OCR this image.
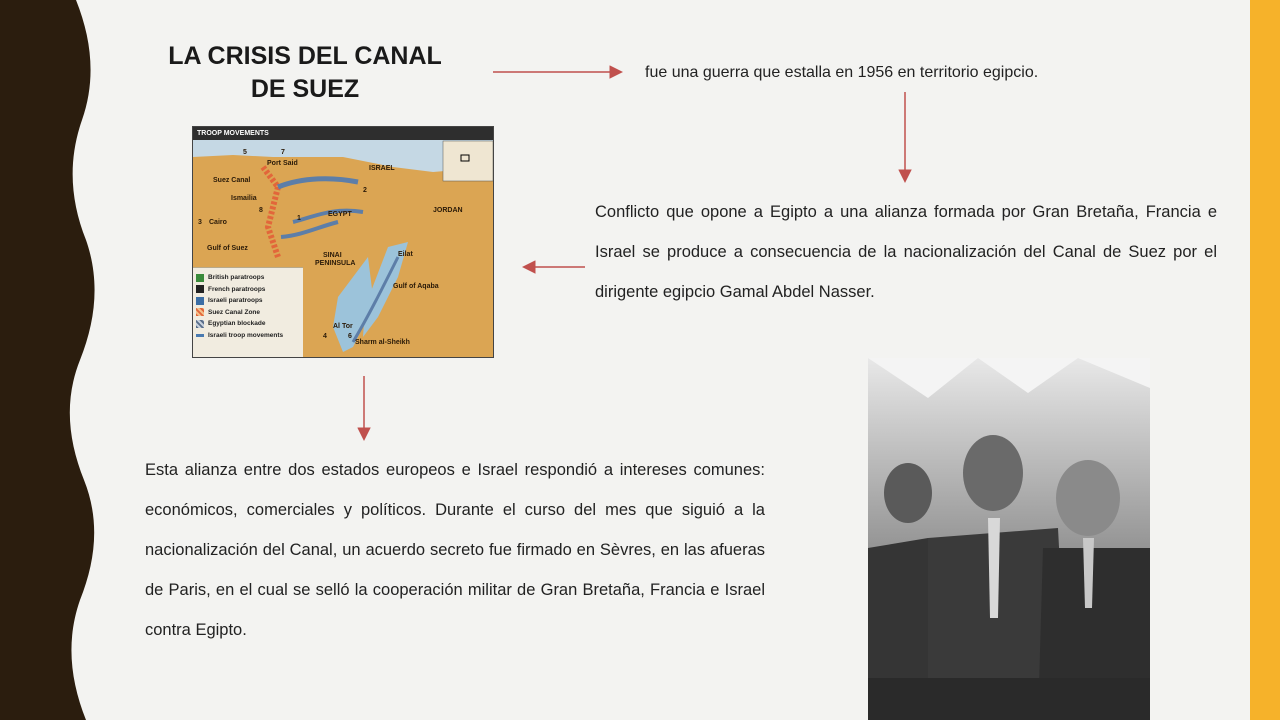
LA CRISIS DEL CANAL DE SUEZ

fue una guerra que estalla en 1956 en territorio egipcio.

Conflicto que opone a Egipto a una alianza formada por Gran Bretaña, Francia e Israel se produce a consecuencia de la nacionalización del Canal de Suez por el dirigente egipcio Gamal Abdel Nasser.

Esta alianza entre dos estados europeos e Israel respondió a intereses comunes: económicos, comerciales y políticos. Durante el curso del mes que siguió a la nacionalización del Canal, un acuerdo secreto fue firmado en Sèvres, en las afueras de Paris, en el cual se selló la cooperación militar de Gran Bretaña, Francia e Israel contra Egipto.

TROOP MOVEMENTS
Port Said
Suez Canal
Ismailia
Cairo
Gulf of Suez
ISRAEL
JORDAN
EGYPT
SINAI
PENINSULA
Eilat
Gulf of Aqaba
Al Tor
Sharm al-Sheikh
5	7
2
8
1
3
4	6
British paratroops
French paratroops
Israeli paratroops
Suez Canal Zone
Egyptian blockade
Israeli troop movements
